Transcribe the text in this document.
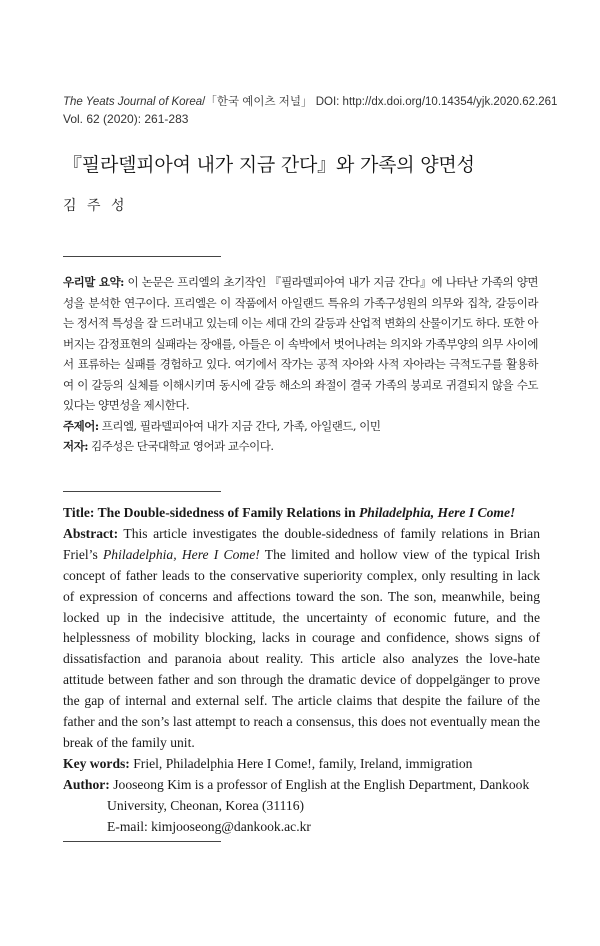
The Yeats Journal of Korea/「한국 예이츠 저널」 DOI: http://dx.doi.org/10.14354/yjk.2020.62.261
Vol. 62 (2020): 261-283
『필라델피아여 내가 지금 간다』와 가족의 양면성
김 주 성

우리말 요약: 이 논문은 프리엘의 초기작인 『필라델피아여 내가 지금 간다』에 나타난 가족의 양면성을 분석한 연구이다. 프리엘은 이 작품에서 아일랜드 특유의 가족구성원의 의무와 집착, 갈등이라는 정서적 특성을 잘 드러내고 있는데 이는 세대 간의 갈등과 산업적 변화의 산물이기도 하다. 또한 아버지는 감정표현의 실패라는 장애를, 아들은 이 속박에서 벗어나려는 의지와 가족부양의 의무 사이에서 표류하는 실패를 경험하고 있다. 여기에서 작가는 공적 자아와 사적 자아라는 극적도구를 활용하여 이 갈등의 실체를 이해시키며 동시에 갈등 해소의 좌절이 결국 가족의 붕괴로 귀결되지 않을 수도 있다는 양면성을 제시한다.

주제어: 프리엘, 필라델피아여 내가 지금 간다, 가족, 아일랜드, 이민

저자: 김주성은 단국대학교 영어과 교수이다.

Title: The Double-sidedness of Family Relations in Philadelphia, Here I Come!

Abstract: This article investigates the double-sidedness of family relations in Brian Friel’s Philadelphia, Here I Come! The limited and hollow view of the typical Irish concept of father leads to the conservative superiority complex, only resulting in lack of expression of concerns and affections toward the son. The son, meanwhile, being locked up in the indecisive attitude, the uncertainty of economic future, and the helplessness of mobility blocking, lacks in courage and confidence, shows signs of dissatisfaction and paranoia about reality. This article also analyzes the love-hate attitude between father and son through the dramatic device of doppelgänger to prove the gap of internal and external self. The article claims that despite the failure of the father and the son’s last attempt to reach a consensus, this does not eventually mean the break of the family unit.

Key words: Friel, Philadelphia Here I Come!, family, Ireland, immigration

Author: Jooseong Kim is a professor of English at the English Department, Dankook

University, Cheonan, Korea (31116)

E-mail: kimjooseong@dankook.ac.kr
